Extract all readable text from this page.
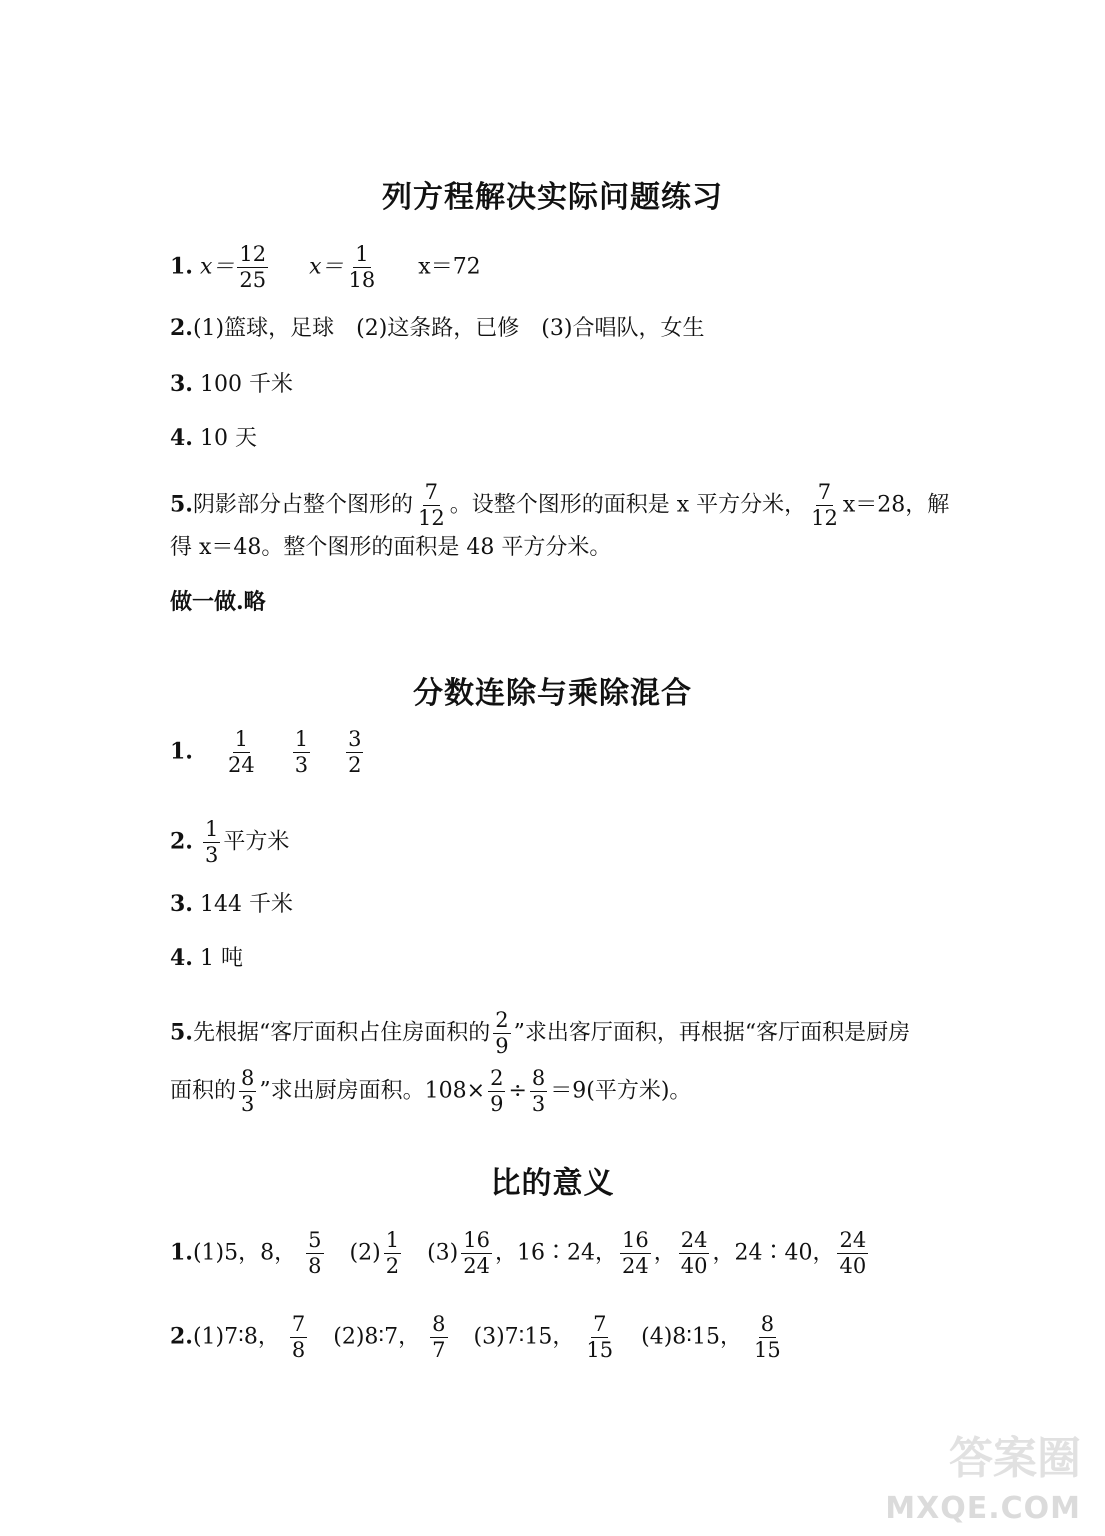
列方程解决实际问题练习
1. $x= \frac{12}{25} x= \frac{1}{18} x=72$
2.(1)篮球，足球　(2)这条路，已修　(3)合唱队，女生
3. 100 千米
4. 10 天
5.阴影部分占整个图形的 $\frac{7}{12}$ 。设整个图形的面积是 x 平方分米， $\frac{7}{12} x=28$，解
得 x＝48。整个图形的面积是 48 平方分米。
做一做.略
分数连除与乘除混合
1. $\frac{1}{24}$
$\frac{1}{3}$
$\frac{3}{2}$
2. $\frac{1}{3}$ 平方米
3. 144 千米
4. 1 吨
5.先根据“客厅面积占住房面积的 $\frac{2}{9}$ ”求出客厅面积，再根据“客厅面积是厨房
面积的 $\frac{8}{3}$ ”求出厨房面积。$108\times \frac{2}{9} \div \frac{8}{3} =9$(平方米)。
比的意义
1.(1)5，8， $\frac{5}{8} (2) \frac{1}{2} (3) \frac{16}{24}$ ，16∶24， $\frac{16}{24}$ ， $\frac{24}{40}$ ，24∶40， $\frac{24}{40}$
2.(1)7∶8， $\frac{7}{8}$ (2)8∶7， $\frac{8}{7}$ (3)7∶15， $\frac{7}{15}$ (4)8∶15， $\frac{8}{15}$
答案圈
MXQE.COM
